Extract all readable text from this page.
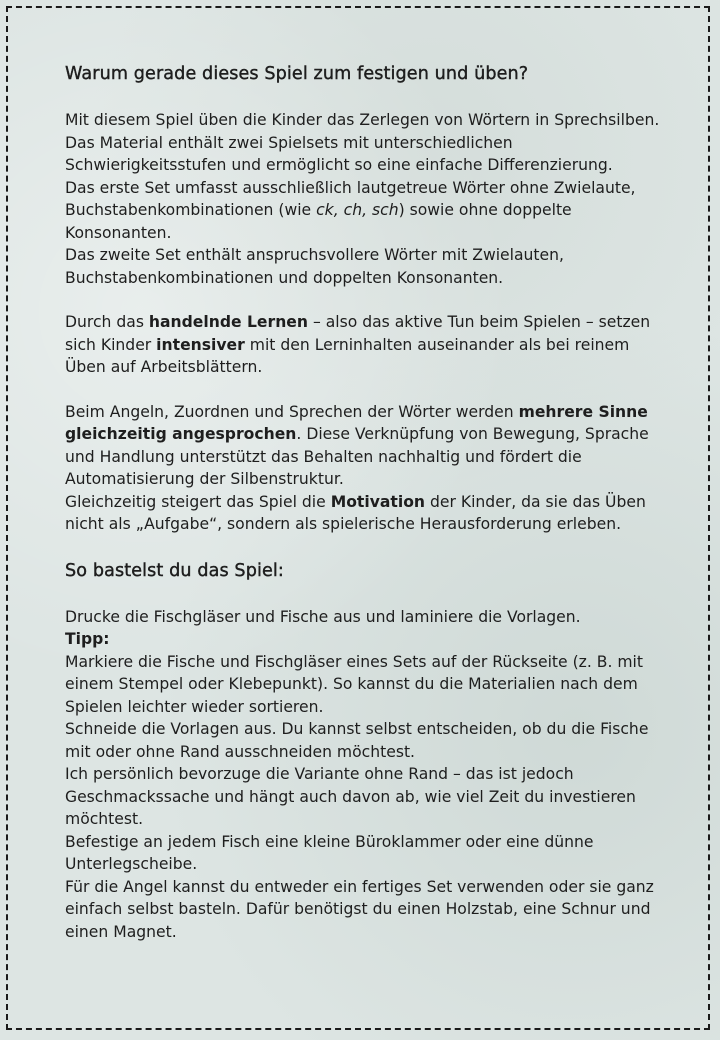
Warum gerade dieses Spiel zum festigen und üben?

Mit diesem Spiel üben die Kinder das Zerlegen von Wörtern in Sprechsilben. Das Material enthält zwei Spielsets mit unterschiedlichen Schwierigkeitsstufen und ermöglicht so eine einfache Differenzierung.

Das erste Set umfasst ausschließlich lautgetreue Wörter ohne Zwielaute, Buchstabenkombinationen (wie ck, ch, sch) sowie ohne doppelte Konsonanten.

Das zweite Set enthält anspruchsvollere Wörter mit Zwielauten, Buchstabenkombinationen und doppelten Konsonanten.

Durch das handelnde Lernen – also das aktive Tun beim Spielen – setzen sich Kinder intensiver mit den Lerninhalten auseinander als bei reinem Üben auf Arbeitsblättern.

Beim Angeln, Zuordnen und Sprechen der Wörter werden mehrere Sinne gleichzeitig angesprochen. Diese Verknüpfung von Bewegung, Sprache und Handlung unterstützt das Behalten nachhaltig und fördert die Automatisierung der Silbenstruktur.

Gleichzeitig steigert das Spiel die Motivation der Kinder, da sie das Üben nicht als „Aufgabe“, sondern als spielerische Herausforderung erleben.

So bastelst du das Spiel:

Drucke die Fischgläser und Fische aus und laminiere die Vorlagen.

Tipp:

Markiere die Fische und Fischgläser eines Sets auf der Rückseite (z. B. mit einem Stempel oder Klebepunkt). So kannst du die Materialien nach dem Spielen leichter wieder sortieren.

Schneide die Vorlagen aus. Du kannst selbst entscheiden, ob du die Fische mit oder ohne Rand ausschneiden möchtest.

Ich persönlich bevorzuge die Variante ohne Rand – das ist jedoch Geschmackssache und hängt auch davon ab, wie viel Zeit du investieren möchtest.

Befestige an jedem Fisch eine kleine Büroklammer oder eine dünne Unterlegscheibe.

Für die Angel kannst du entweder ein fertiges Set verwenden oder sie ganz einfach selbst basteln. Dafür benötigst du einen Holzstab, eine Schnur und einen Magnet.
